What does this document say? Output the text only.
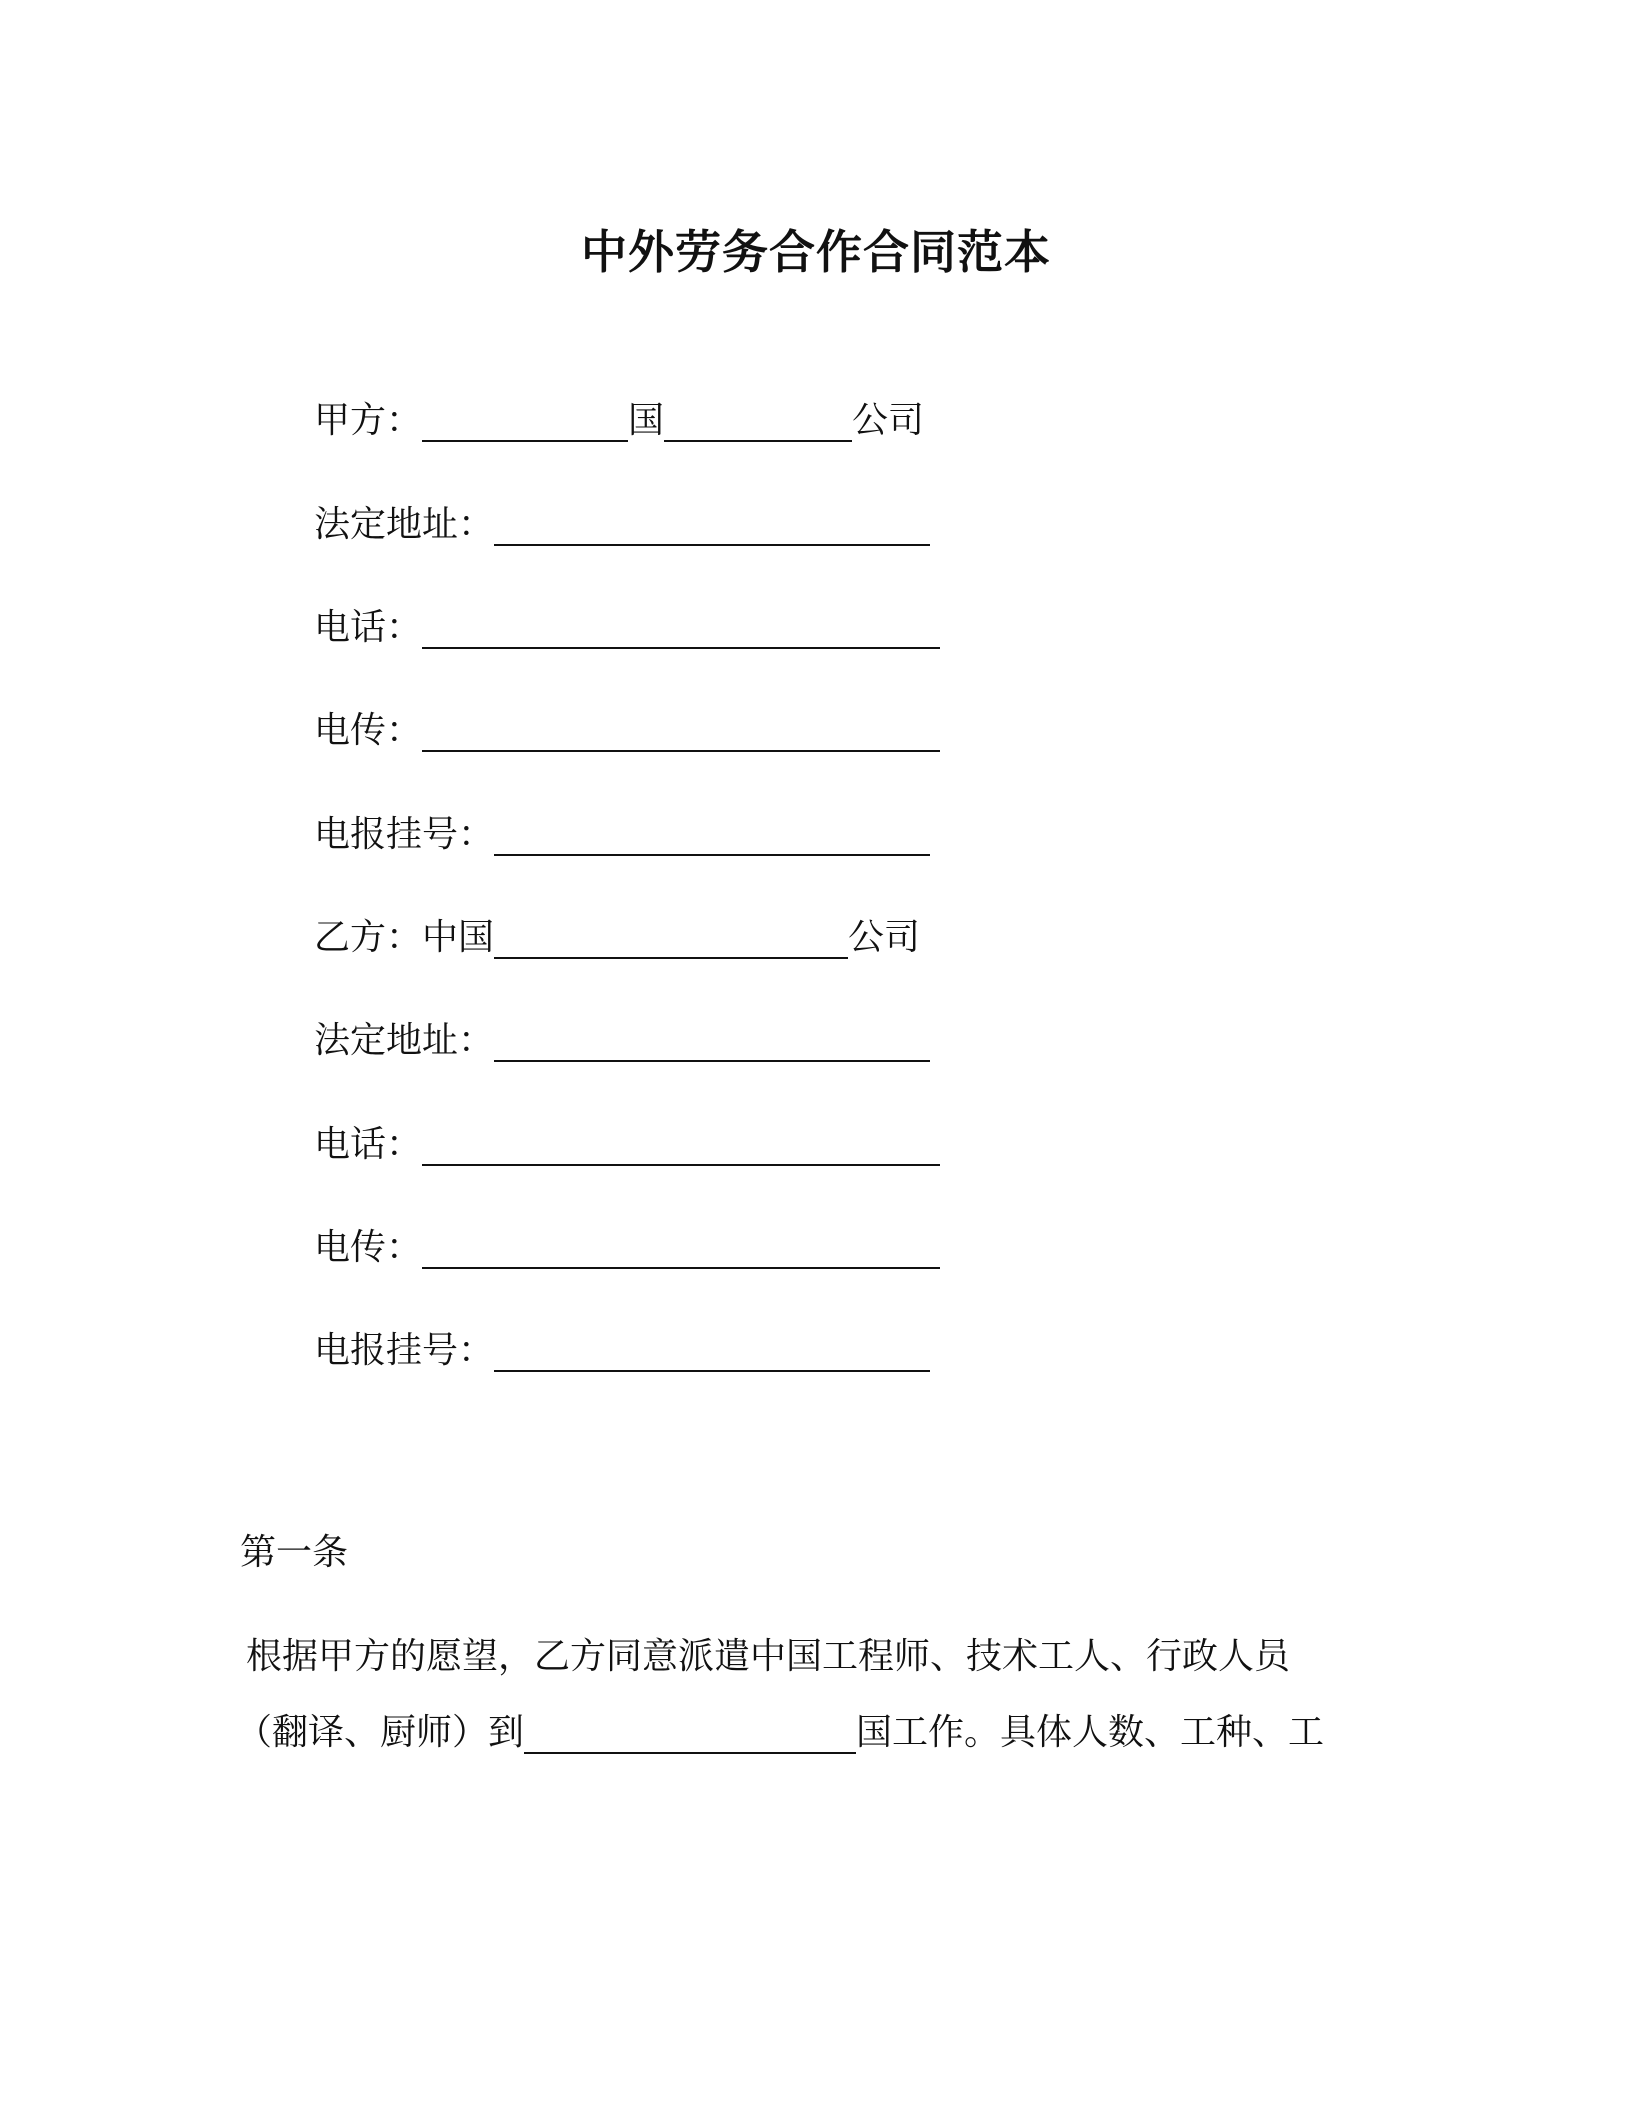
中外劳务合作合同范本
甲方：	国	公司
法定地址：
电话：
电传：
电报挂号：
乙方：中国	公司
法定地址：
电话：
电传：
电报挂号：
第一条
根据甲方的愿望，乙方同意派遣中国工程师、技术工人、行政人员
（翻译、厨师）到	国工作。具体人数、工种、工
